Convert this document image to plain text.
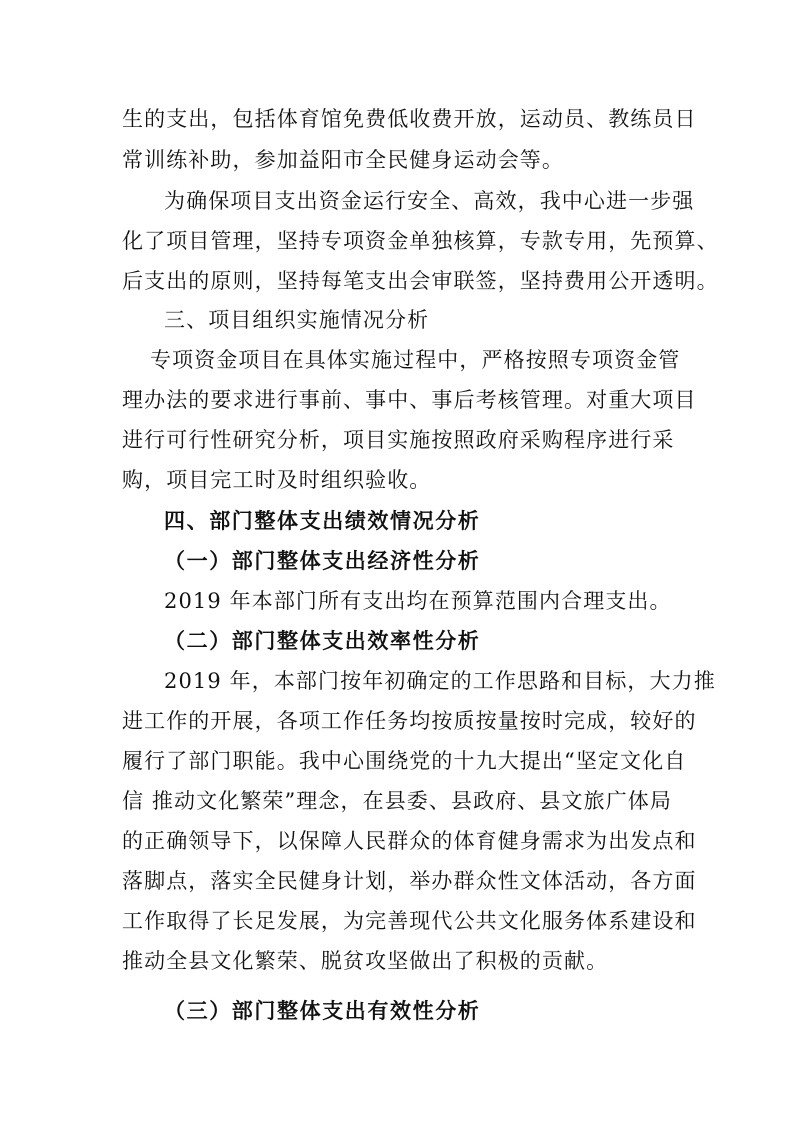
生的支出，包括体育馆免费低收费开放，运动员、教练员日
常训练补助，参加益阳市全民健身运动会等。
为确保项目支出资金运行安全、高效，我中心进一步强
化了项目管理，坚持专项资金单独核算，专款专用，先预算、
后支出的原则，坚持每笔支出会审联签，坚持费用公开透明。
三、项目组织实施情况分析
专项资金项目在具体实施过程中，严格按照专项资金管
理办法的要求进行事前、事中、事后考核管理。对重大项目
进行可行性研究分析，项目实施按照政府采购程序进行采
购，项目完工时及时组织验收。
四、部门整体支出绩效情况分析
（一）部门整体支出经济性分析
2019 年本部门所有支出均在预算范围内合理支出。
（二）部门整体支出效率性分析
2019 年，本部门按年初确定的工作思路和目标，大力推
进工作的开展，各项工作任务均按质按量按时完成，较好的
履行了部门职能。我中心围绕党的十九大提出“坚定文化自
信 推动文化繁荣”理念，在县委、县政府、县文旅广体局
的正确领导下，以保障人民群众的体育健身需求为出发点和
落脚点，落实全民健身计划，举办群众性文体活动，各方面
工作取得了长足发展，为完善现代公共文化服务体系建设和
推动全县文化繁荣、脱贫攻坚做出了积极的贡献。
（三）部门整体支出有效性分析
